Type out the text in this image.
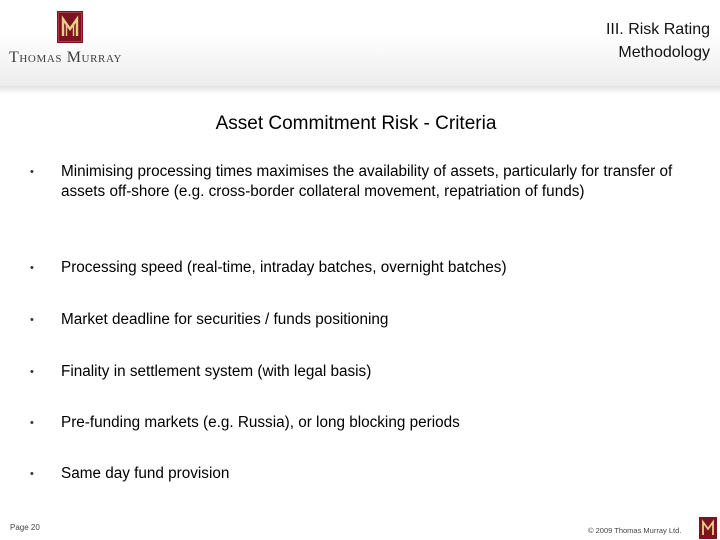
Thomas Murray
III. Risk Rating
Methodology
Asset Commitment Risk - Criteria
• Minimising processing times maximises the availability of assets, particularly for transfer of assets off-shore (e.g. cross-border collateral movement, repatriation of funds)
• Processing speed (real-time, intraday batches, overnight batches)
• Market deadline for securities / funds positioning
• Finality in settlement system (with legal basis)
• Pre-funding markets (e.g. Russia), or long blocking periods
• Same day fund provision
Page 20	© 2009 Thomas Murray Ltd.
